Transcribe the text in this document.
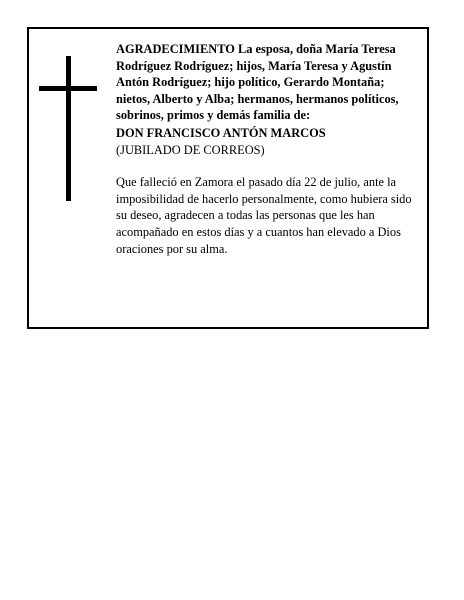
AGRADECIMIENTO La esposa, doña María Teresa Rodríguez Rodríguez; hijos, María Teresa y Agustín Antón Rodríguez; hijo político, Gerardo Montaña; nietos, Alberto y Alba; hermanos, hermanos políticos, sobrinos, primos y demás familia de:

DON FRANCISCO ANTÓN MARCOS

(JUBILADO DE CORREOS)

Que falleció en Zamora el pasado día 22 de julio, ante la imposibilidad de hacerlo personalmente, como hubiera sido su deseo, agradecen a todas las personas que les han acompañado en estos días y a cuantos han elevado a Dios oraciones por su alma.
